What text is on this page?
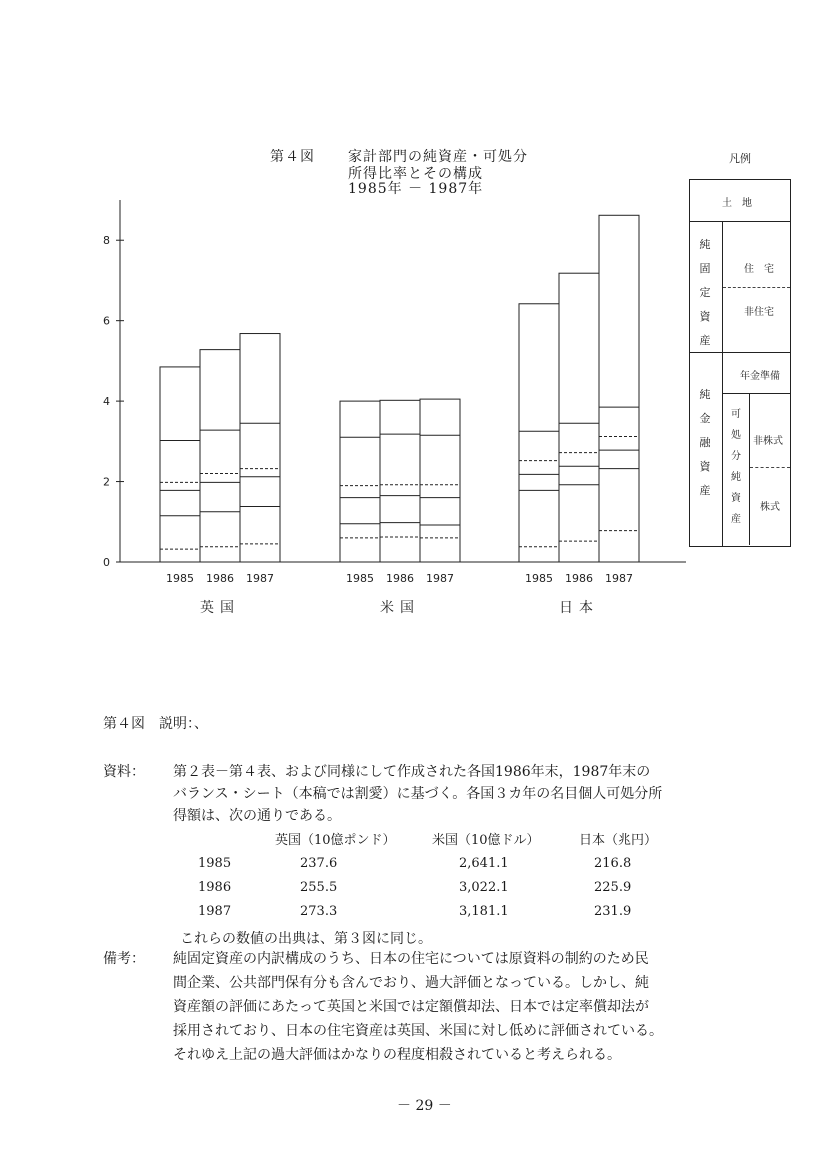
0
2
4
6
8
1985 1986 1987
英国
1985 1986 1987
米国
1985 1986 1987
日本
第４図 家計部門の純資産・可処分
所得比率とその構成
1985年 － 1987年
凡例
土　地
純固定資産
住　宅
非住宅
年金準備
純金融資産
可処分純資産
非株式
株式
第４図　説明：、
資料： 第２表－第４表、および同様にして作成された各国1986年末，1987年末の
バランス・シート（本稿では割愛）に基づく。各国３カ年の名目個人可処分所
得額は、次の通りである。
英国（10億ポンド）	米国（10億ドル）	日本（兆円）
1985	237.6	2,641.1	216.8
1986	255.5	3,022.1	225.9
1987	273.3	3,181.1	231.9
これらの数値の出典は、第３図に同じ。
備考： 純固定資産の内訳構成のうち、日本の住宅については原資料の制約のため民
間企業、公共部門保有分も含んでおり、過大評価となっている。しかし、純
資産額の評価にあたって英国と米国では定額償却法、日本では定率償却法が
採用されており、日本の住宅資産は英国、米国に対し低めに評価されている。
それゆえ上記の過大評価はかなりの程度相殺されていると考えられる。
－ 29 －
